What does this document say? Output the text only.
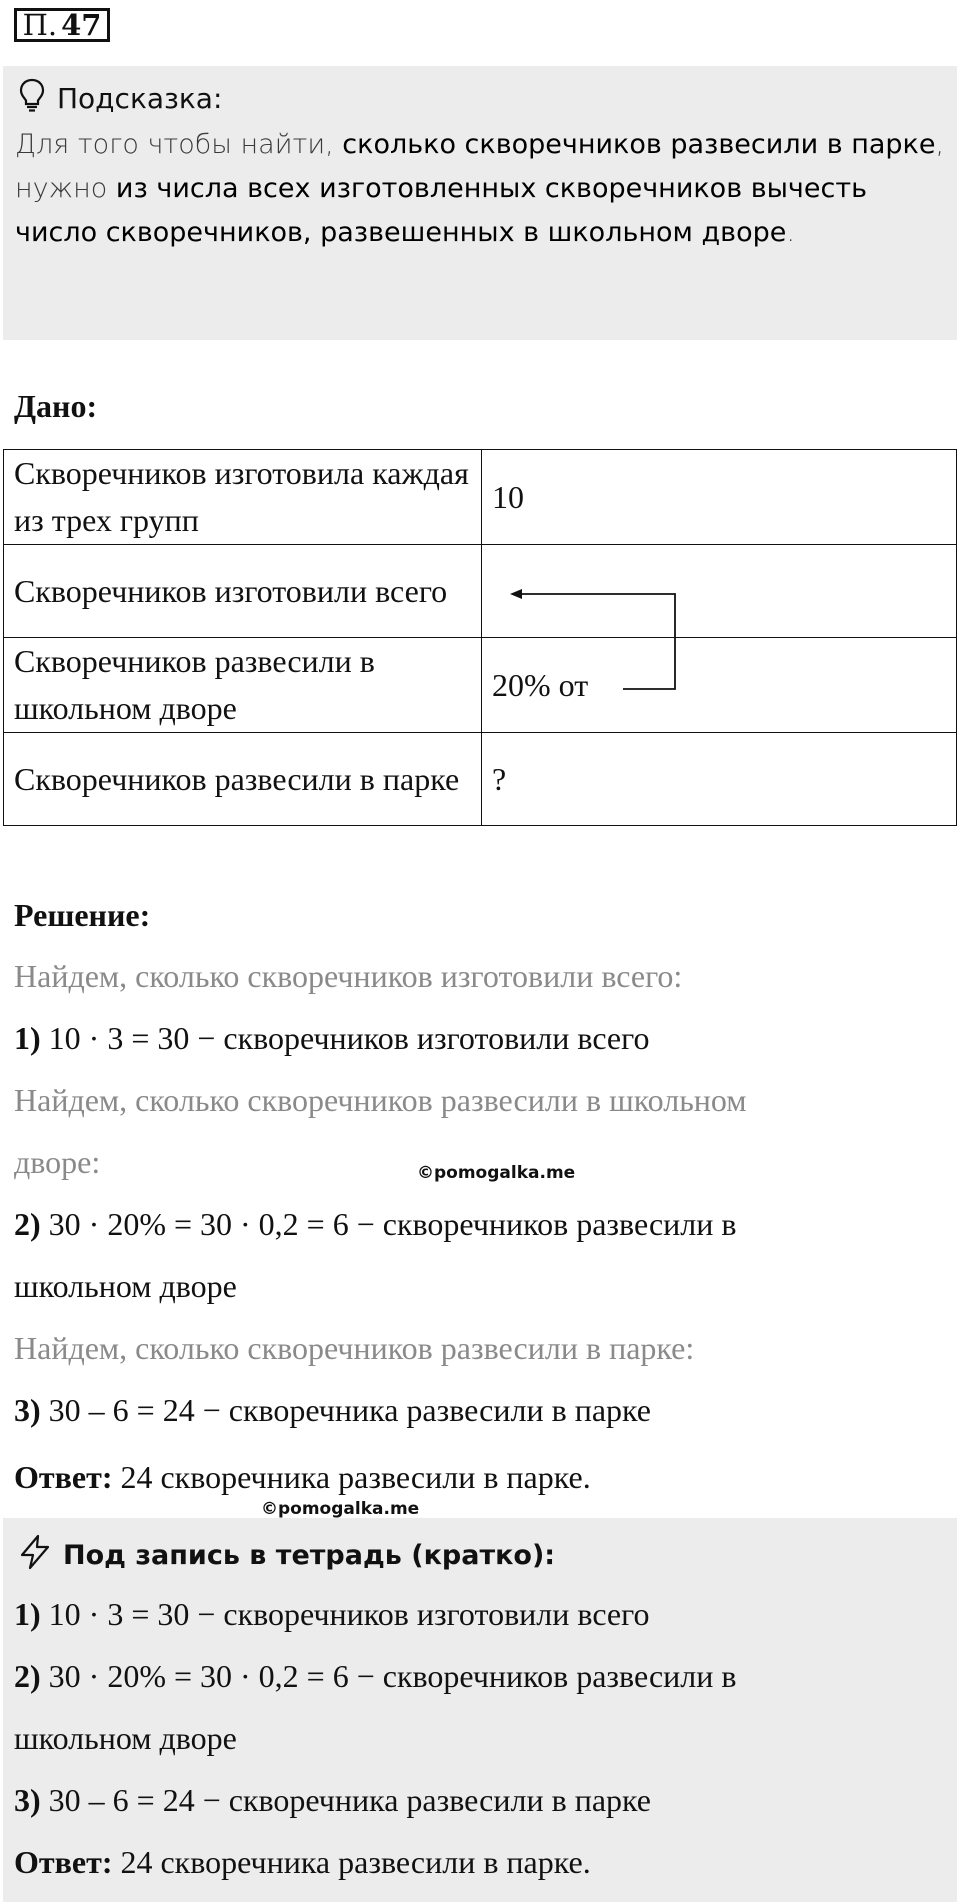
П. 47
Подсказка:
Для того чтобы найти, сколько скворечников развесили в парке, нужно из числа всех изготовленных скворечников вычесть число скворечников, развешенных в школьном дворе.
Дано:
Скворечников изготовила каждая из трех групп	10
Скворечников изготовили всего	
Скворечников развесили в школьном дворе	20% от
Скворечников развесили в парке	?
Решение:
Найдем, сколько скворечников изготовили всего:
1) 10 · 3 = 30 − скворечников изготовили всего
Найдем, сколько скворечников развесили в школьном
дворе:	©pomogalka.me
2) 30 · 20% = 30 · 0,2 = 6 − скворечников развесили в
школьном дворе
Найдем, сколько скворечников развесили в парке:
3) 30 – 6 = 24 − скворечника развесили в парке
Ответ: 24 скворечника развесили в парке.
Под запись в тетрадь (кратко):
1) 10 · 3 = 30 − скворечников изготовили всего
2) 30 · 20% = 30 · 0,2 = 6 − скворечников развесили в
школьном дворе
3) 30 – 6 = 24 − скворечника развесили в парке
Ответ: 24 скворечника развесили в парке.
©pomogalka.me
